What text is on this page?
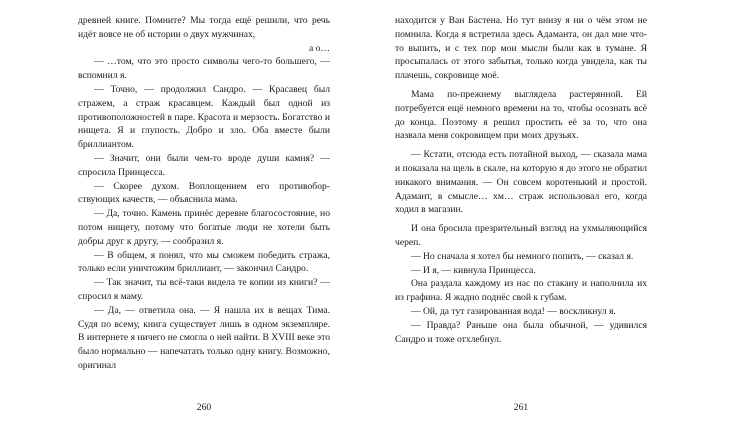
древней книге. Помните? Мы тогда ещё решили, что речь идёт вовсе не об истории о двух мужчинах,

а о…

— …том, что это просто символы чего-то большего, — вспомнил я.

— Точно, — продолжил Сандро. — Красавец был стражем, а страж красавцем. Каждый был одной из противоположностей в паре. Красота и мерзость. Богатство и нищета. Я и глупость. Добро и зло. Оба вместе были бриллиантом.

— Значит, они были чем-то вроде души камня? — спросила Принцесса.

— Скорее духом. Воплощением его противоборствующих качеств, — объяснила мама.

— Да, точно. Камень принёс деревне благосостояние, но потом нищету, потому что богатые люди не хотели быть добры друг к другу, — сообразил я.

— В общем, я понял, что мы сможем победить стража, только если уничтожим бриллиант, — закончил Сандро.

— Так значит, ты всё-таки видела те копии из книги? — спросил я маму.

— Да, — ответила она. — Я нашла их в вещах Тима. Судя по всему, книга существует лишь в одном экземпляре. В интернете я ничего не смогла о ней найти. В XVIII веке это было нормально — напечатать только одну книгу. Возможно, оригинал

260

находится у Ван Бастена. Но тут внизу я ни о чём этом не помнила. Когда я встретила здесь Адаманта, он дал мне что-то выпить, и с тех пор мои мысли были как в тумане. Я просыпалась от этого забытья, только когда увидела, как ты плачешь, сокровище моё.

Мама по-прежнему выглядела растерянной. Ей потребуется ещё немного времени на то, чтобы осознать всё до конца. Поэтому я решил простить её за то, что она назвала меня сокровищем при моих друзьях.

— Кстати, отсюда есть потайной выход, — сказала мама и показала на щель в скале, на которую я до этого не обратил никакого внимания. — Он совсем коротенький и простой. Адамант, в смысле… хм… страж использовал его, когда ходил в магазин.

И она бросила презрительный взгляд на ухмыляющийся череп.

— Но сначала я хотел бы немного попить, — сказал я.

— И я, — кивнула Принцесса.

Она раздала каждому из нас по стакану и наполнила их из графина. Я жадно поднёс свой к губам.

— Ой, да тут газированная вода! — воскликнул я.

— Правда? Раньше она была обычной, — удивился Сандро и тоже отхлебнул.

261
